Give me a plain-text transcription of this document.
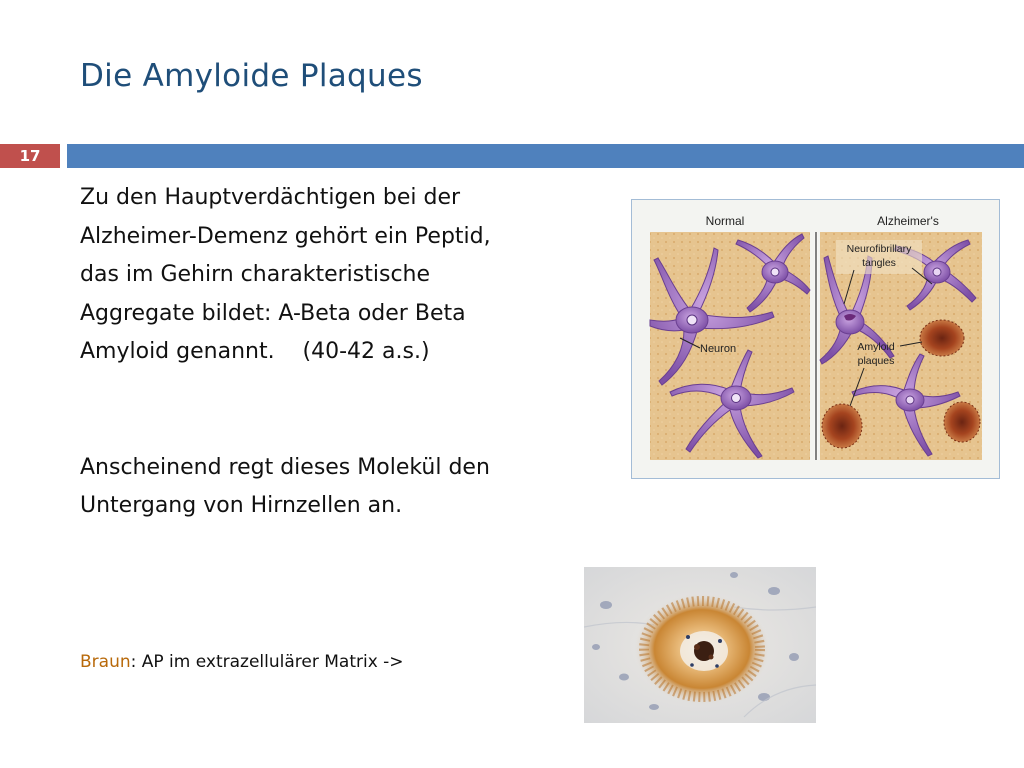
Die Amyloide Plaques
17

Zu den Hauptverdächtigen bei der
Alzheimer-Demenz gehört ein Peptid,
das im Gehirn charakteristische
Aggregate bildet: A-Beta oder Beta
Amyloid genannt.    (40-42 a.s.)

Anscheinend regt dieses Molekül den
Untergang von Hirnzellen an.

Braun: AP im extrazellulärer Matrix ->
Normal	Alzheimer's
Neuron
Neurofibrillary
tangles
Amyloid
plaques
